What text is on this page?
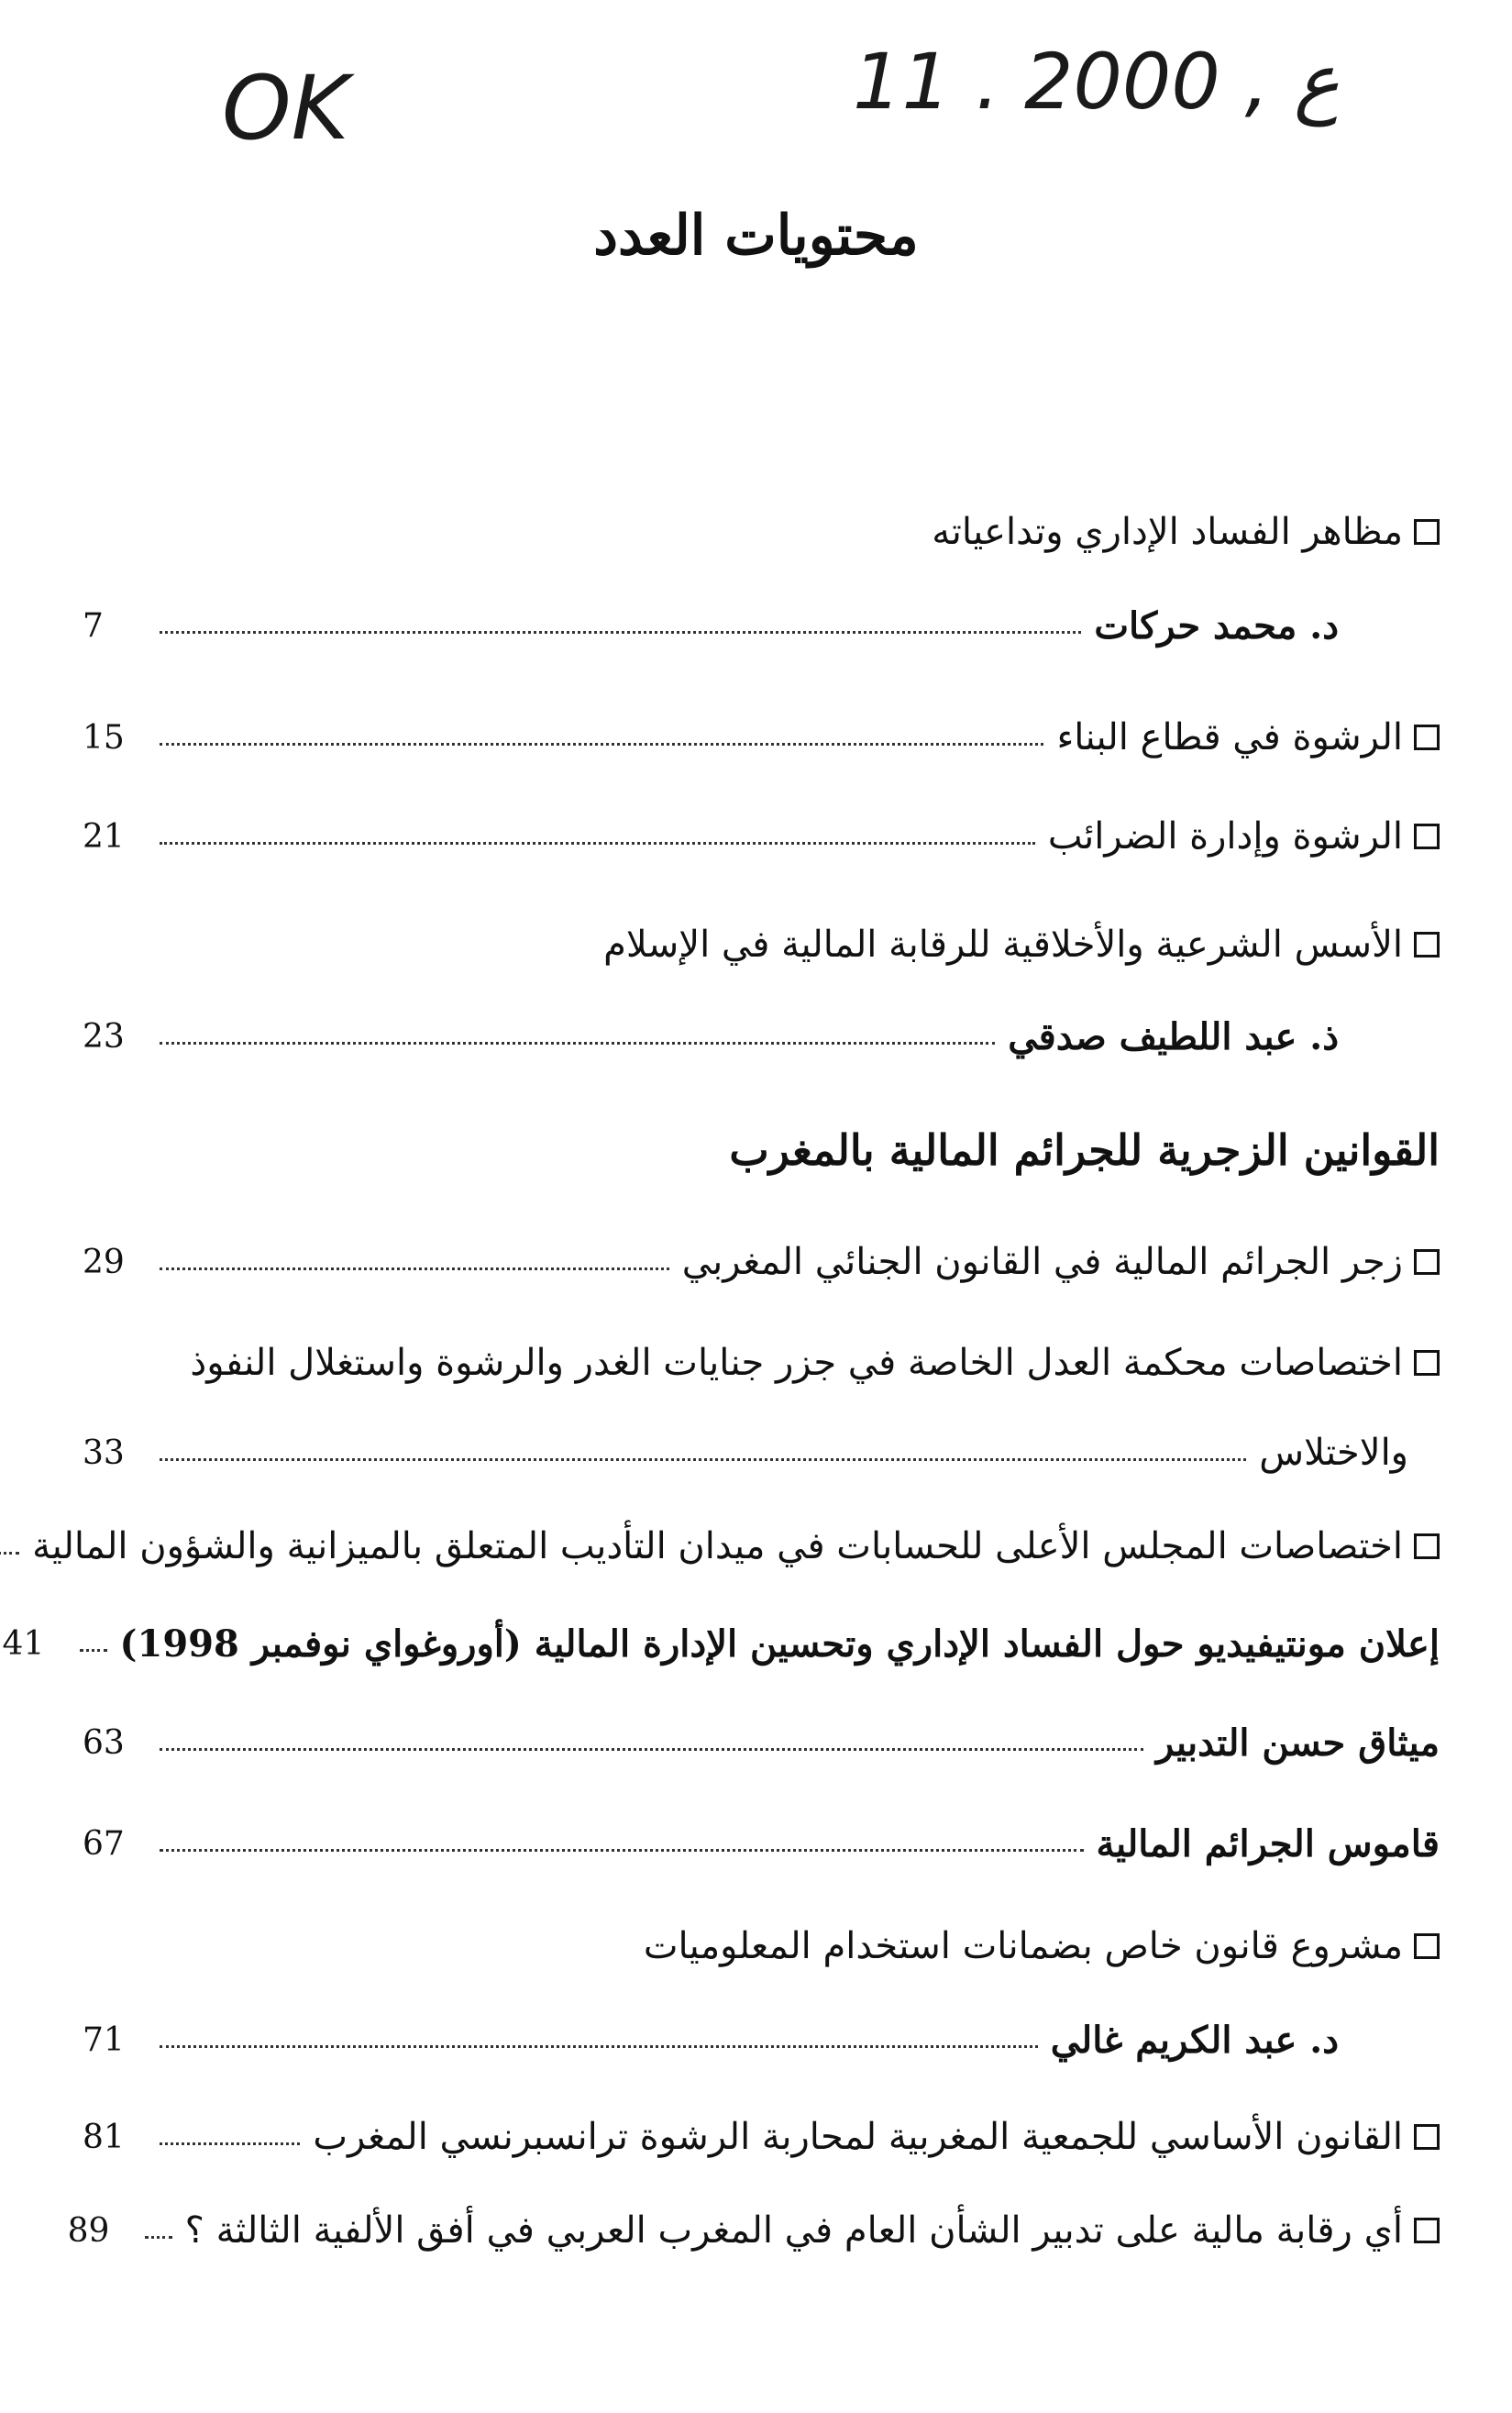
OK	11 . ع , 2000
محتويات العدد
مظاهر الفساد الإداري وتداعياته
د. محمد حركات
7
الرشوة في قطاع البناء
15
الرشوة وإدارة الضرائب
21
الأسس الشرعية والأخلاقية للرقابة المالية في الإسلام
ذ. عبد اللطيف صدقي
23
القوانين الزجرية للجرائم المالية بالمغرب
زجر الجرائم المالية في القانون الجنائي المغربي
29
اختصاصات محكمة العدل الخاصة في جزر جنايات الغدر والرشوة واستغلال النفوذ
والاختلاس
33
اختصاصات المجلس الأعلى للحسابات في ميدان التأديب المتعلق بالميزانية والشؤون المالية
إعلان مونتيفيديو حول الفساد الإداري وتحسين الإدارة المالية (أوروغواي نوفمبر 1998)
41
ميثاق حسن التدبير
63
قاموس الجرائم المالية
67
مشروع قانون خاص بضمانات استخدام المعلوميات
د. عبد الكريم غالي
71
القانون الأساسي للجمعية المغربية لمحاربة الرشوة ترانسبرنسي المغرب
81
أي رقابة مالية على تدبير الشأن العام في المغرب العربي في أفق الألفية الثالثة ؟
89
